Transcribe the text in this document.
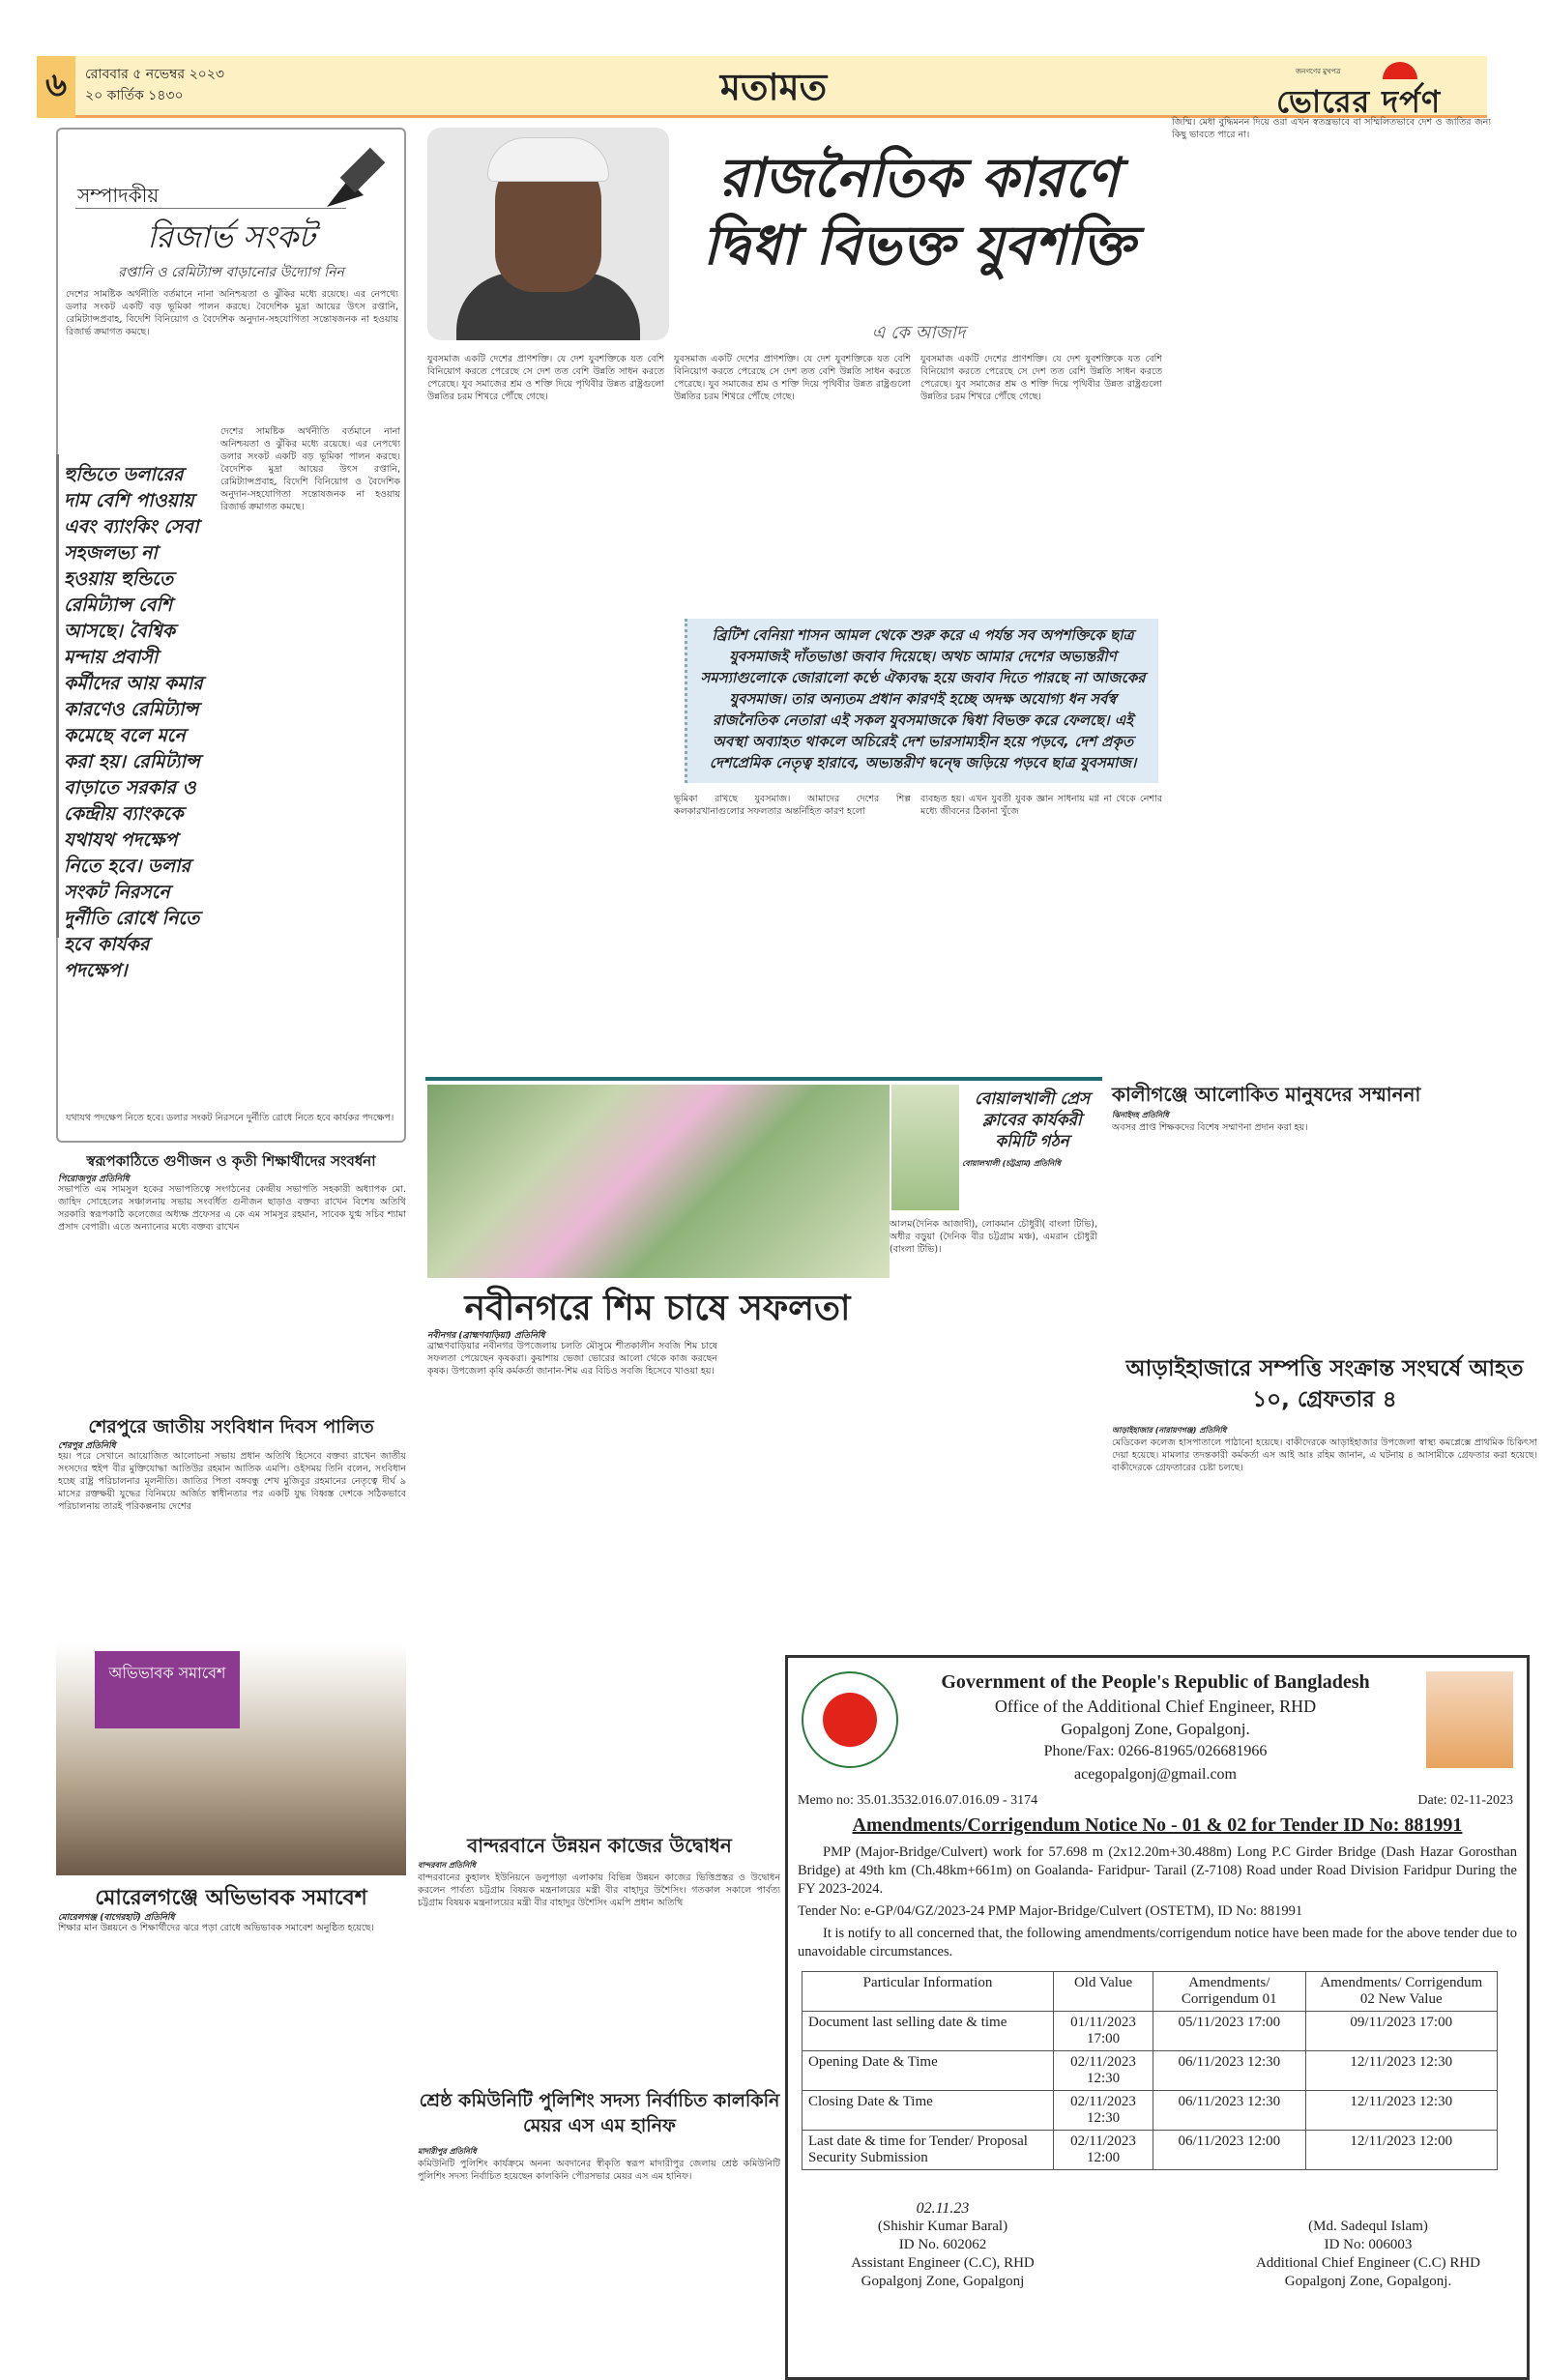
৬	রোববার ৫ নভেম্বর ২০২৩
২০ কার্তিক ১৪৩০	মতামত	জনগণের মুখপত্র
ভোরের দর্পণ
সম্পাদকীয়
রিজার্ভ সংকট
রপ্তানি ও রেমিট্যান্স বাড়ানোর উদ্যোগ নিন
দেশের সামষ্টিক অর্থনীতি বর্তমানে নানা অনিশ্চয়তা ও ঝুঁকির মধ্যে রয়েছে। এর নেপথ্যে ডলার সংকট একটি বড় ভূমিকা পালন করছে। বৈদেশিক মুদ্রা আয়ের উৎস রপ্তানি, রেমিট্যান্সপ্রবাহ, বিদেশি বিনিয়োগ ও বৈদেশিক অনুদান-সহযোগিতা সন্তোষজনক না হওয়ায় রিজার্ভ ক্রমাগত কমছে।
হুন্ডিতে ডলারের দাম বেশি পাওয়ায় এবং ব্যাংকিং সেবা সহজলভ্য না হওয়ায় হুন্ডিতে রেমিট্যান্স বেশি আসছে। বৈশ্বিক মন্দায় প্রবাসী কর্মীদের আয় কমার কারণেও রেমিট্যান্স কমেছে বলে মনে করা হয়। রেমিট্যান্স বাড়াতে সরকার ও কেন্দ্রীয় ব্যাংককে যথাযথ পদক্ষেপ নিতে হবে। ডলার সংকট নিরসনে দুর্নীতি রোধে নিতে হবে কার্যকর পদক্ষেপ।
দেশের সামষ্টিক অর্থনীতি বর্তমানে নানা অনিশ্চয়তা ও ঝুঁকির মধ্যে রয়েছে। এর নেপথ্যে ডলার সংকট একটি বড় ভূমিকা পালন করছে। বৈদেশিক মুদ্রা আয়ের উৎস রপ্তানি, রেমিট্যান্সপ্রবাহ, বিদেশি বিনিয়োগ ও বৈদেশিক অনুদান-সহযোগিতা সন্তোষজনক না হওয়ায় রিজার্ভ ক্রমাগত কমছে।
যথাযথ পদক্ষেপ নিতে হবে। ডলার সংকট নিরসনে দুর্নীতি রোধে নিতে হবে কার্যকর পদক্ষেপ।
রাজনৈতিক কারণে দ্বিধা বিভক্ত যুবশক্তি
এ কে আজাদ
যুবসমাজ একটি দেশের প্রাণশক্তি। যে দেশ যুবশক্তিকে যত বেশি বিনিয়োগ করতে পেরেছে সে দেশ তত বেশি উন্নতি সাধন করতে পেরেছে। যুব সমাজের শ্রম ও শক্তি দিয়ে পৃথিবীর উন্নত রাষ্ট্রগুলো উন্নতির চরম শিখরে পৌঁছে গেছে।
যুবসমাজ একটি দেশের প্রাণশক্তি। যে দেশ যুবশক্তিকে যত বেশি বিনিয়োগ করতে পেরেছে সে দেশ তত বেশি উন্নতি সাধন করতে পেরেছে। যুব সমাজের শ্রম ও শক্তি দিয়ে পৃথিবীর উন্নত রাষ্ট্রগুলো উন্নতির চরম শিখরে পৌঁছে গেছে।
যুবসমাজ একটি দেশের প্রাণশক্তি। যে দেশ যুবশক্তিকে যত বেশি বিনিয়োগ করতে পেরেছে সে দেশ তত বেশি উন্নতি সাধন করতে পেরেছে। যুব সমাজের শ্রম ও শক্তি দিয়ে পৃথিবীর উন্নত রাষ্ট্রগুলো উন্নতির চরম শিখরে পৌঁছে গেছে।
ব্রিটিশ বেনিয়া শাসন আমল থেকে শুরু করে এ পর্যন্ত সব অপশক্তিকে ছাত্র যুবসমাজই দাঁতভাঙা জবাব দিয়েছে। অথচ আমার দেশের অভ্যন্তরীণ সমস্যাগুলোকে জোরালো কণ্ঠে ঐক্যবদ্ধ হয়ে জবাব দিতে পারছে না আজকের যুবসমাজ। তার অন্যতম প্রধান কারণই হচ্ছে অদক্ষ অযোগ্য ধন সর্বস্ব রাজনৈতিক নেতারা এই সকল যুবসমাজকে দ্বিধা বিভক্ত করে ফেলছে। এই অবস্থা অব্যাহত থাকলে অচিরেই দেশ ভারসাম্যহীন হয়ে পড়বে, দেশ প্রকৃত দেশপ্রেমিক নেতৃত্ব হারাবে, অভ্যন্তরীণ দ্বন্দ্বে জড়িয়ে পড়বে ছাত্র যুবসমাজ।
ভূমিকা রাখছে যুবসমাজ। আমাদের দেশের শিল্প কলকারখানাগুলোর সফলতার অন্তর্নিহিত কারণ হলো
ব্যবহৃত হয়। এখন যুবতী যুবক জ্ঞান সাধনায় মগ্ন না থেকে নেশার মধ্যে জীবনের ঠিকানা খুঁজে
জিম্মি। মেধা বুদ্ধিমনন দিয়ে ওরা এখন স্বতন্ত্রভাবে বা সম্মিলিতভাবে দেশ ও জাতির জন্য কিছু ভাবতে পারে না।
স্বরূপকাঠিতে গুণীজন ও কৃতী শিক্ষার্থীদের সংবর্ধনা
পিরোজপুর প্রতিনিধি
সভাপতি এম সামসুল হকের সভাপতিত্বে সংগঠনের কেন্দ্রীয় সভাপতি সহকারী অধ্যাপক মো. জাহিদ সোহেলের সঞ্চালনায় সভায় সংবর্ধিত গুনীজন ছাড়াও বক্তব্য রাখেন বিশেষ অতিথি সরকারি স্বরূপকাঠি কলেজের অধ্যক্ষ প্রফেসর এ কে এম সামসুর রহমান, সাবেক যুগ্ম সচিব শ্যামা প্রসাদ বেপারী। এতে অন্যান্যের মধ্যে বক্তব্য রাখেন
শেরপুরে জাতীয় সংবিধান দিবস পালিত
শেরপুর প্রতিনিধি
হয়। পরে সেখানে আয়োজিত আলোচনা সভায় প্রধান অতিথি হিসেবে বক্তব্য রাখেন জাতীয় সংসদের হুইপ বীর মুক্তিযোদ্ধা আতিউর রহমান আতিক এমপি। ওইসময় তিনি বলেন, সংবিধান হচ্ছে রাষ্ট্র পরিচালনার মূলনীতি। জাতির পিতা বঙ্গবন্ধু শেখ মুজিবুর রহমানের নেতৃত্বে দীর্ঘ ৯ মাসের রক্তক্ষয়ী যুদ্ধের বিনিময়ে অর্জিত স্বাধীনতার পর একটি যুদ্ধ বিধ্বস্ত দেশকে সঠিকভাবে পরিচালনায় তারই পরিকল্পনায় দেশের
অভিভাবক সমাবেশ
মোরেলগঞ্জে অভিভাবক সমাবেশ
মোরেলগঞ্জ (বাগেরহাট) প্রতিনিধি
শিক্ষার মান উন্নয়নে ও শিক্ষার্থীদের ঝরে পড়া রোধে অভিভাবক সমাবেশ অনুষ্ঠিত হয়েছে।
নবীনগরে শিম চাষে সফলতা
নবীনগর (ব্রাহ্মণবাড়িয়া) প্রতিনিধি
ব্রাহ্মণবাড়িয়ার নবীনগর উপজেলায় চলতি মৌসুমে শীতকালীন সবজি শিম চাষে সফলতা পেয়েছেন কৃষকরা। কুয়াশায় ভেজা ভোরের আলো থেকে কাজ করছেন কৃষক। উপজেলা কৃষি কর্মকর্তা জানান-শিম এর বিচিও সবজি হিসেবে খাওয়া হয়।
বোয়ালখালী প্রেস ক্লাবের কার্যকরী কমিটি গঠন
বোয়ালখালী (চট্টগ্রাম) প্রতিনিধি
আলম(দৈনিক আজাদী), লোকমান চৌধুরী( বাংলা টিভি), অধীর বড়ুয়া (দৈনিক বীর চট্টগ্রাম মঞ্চ), এমরান চৌধুরী (বাংলা টিভি)।
কালীগঞ্জে আলোকিত মানুষদের সম্মাননা
ঝিনাইদহ প্রতিনিধি
অবসর প্রাপ্ত শিক্ষকদের বিশেষ সম্মাণনা প্রদান করা হয়।
আড়াইহাজারে সম্পত্তি সংক্রান্ত সংঘর্ষে আহত ১০, গ্রেফতার ৪
আড়াইহাজার (নারায়ণগঞ্জ) প্রতিনিধি
মেডিকেল কলেজ হাসপাতালে পাঠানো হয়েছে। বাকীদেরকে আড়াইহাজার উপজেলা স্বাস্থ্য কমপ্লেক্সে প্রাথমিক চিকিৎসা দেয়া হয়েছে। মামলার তদন্তকারী কর্মকর্তা এস আই আঃ রহিম জানান, এ ঘটনায় ৪ আসামীকে গ্রেফতার করা হয়েছে। বাকীদেরকে গ্রেফতারের চেষ্টা চলছে।
বান্দরবানে উন্নয়ন কাজের উদ্বোধন
বান্দরবান প্রতিনিধি
বান্দরবানের কুহালং ইউনিয়নে ডলুপাড়া এলাকায় বিভিন্ন উন্নয়ন কাজের ভিত্তিপ্রস্তর ও উদ্বোধন করলেন পার্বত্য চট্টগ্রাম বিষয়ক মন্ত্রনালয়ের মন্ত্রী বীর বাহাদুর উশৈসিং। গতকাল সকালে পার্বত্য চট্টগ্রাম বিষয়ক মন্ত্রনালয়ের মন্ত্রী বীর বাহাদুর উশৈসিং এমপি প্রধান অতিথি
শ্রেষ্ঠ কমিউনিটি পুলিশিং সদস্য নির্বাচিত কালকিনি মেয়র এস এম হানিফ
মাদারীপুর প্রতিনিধি
কমিউনিটি পুলিশিং কার্যক্রমে অনন্য অবদানের স্বীকৃতি স্বরূপ মাদারীপুর জেলায় শ্রেষ্ঠ কমিউনিটি পুলিশিং সদস্য নির্বাচিত হয়েছেন কালকিনি পৌরসভার মেয়র এস এম হানিফ।
Government of the People's Republic of Bangladesh
Office of the Additional Chief Engineer, RHD
Gopalgonj Zone, Gopalgonj.
Phone/Fax: 0266-81965/026681966
acegopalgonj@gmail.com
Memo no: 35.01.3532.016.07.016.09 - 3174	Date: 02-11-2023
Amendments/Corrigendum Notice No - 01 & 02 for Tender ID No: 881991
PMP (Major-Bridge/Culvert) work for 57.698 m (2x12.20m+30.488m) Long P.C Girder Bridge (Dash Hazar Gorosthan Bridge) at 49th km (Ch.48km+661m) on Goalanda- Faridpur- Tarail (Z-7108) Road under Road Division Faridpur During the FY 2023-2024.
Tender No: e-GP/04/GZ/2023-24 PMP Major-Bridge/Culvert (OSTETM), ID No: 881991
It is notify to all concerned that, the following amendments/corrigendum notice have been made for the above tender due to unavoidable circumstances.
Particular Information	Old Value	Amendments/ Corrigendum 01	Amendments/ Corrigendum 02 New Value
Document last selling date & time	01/11/2023 17:00	05/11/2023 17:00	09/11/2023 17:00
Opening Date & Time	02/11/2023 12:30	06/11/2023 12:30	12/11/2023 12:30
Closing Date & Time	02/11/2023 12:30	06/11/2023 12:30	12/11/2023 12:30
Last date & time for Tender/ Proposal Security Submission	02/11/2023 12:00	06/11/2023 12:00	12/11/2023 12:00
02.11.23
(Shishir Kumar Baral)
ID No. 602062
Assistant Engineer (C.C), RHD
Gopalgonj Zone, Gopalgonj
(Md. Sadequl Islam)
ID No: 006003
Additional Chief Engineer (C.C) RHD
Gopalgonj Zone, Gopalgonj.
